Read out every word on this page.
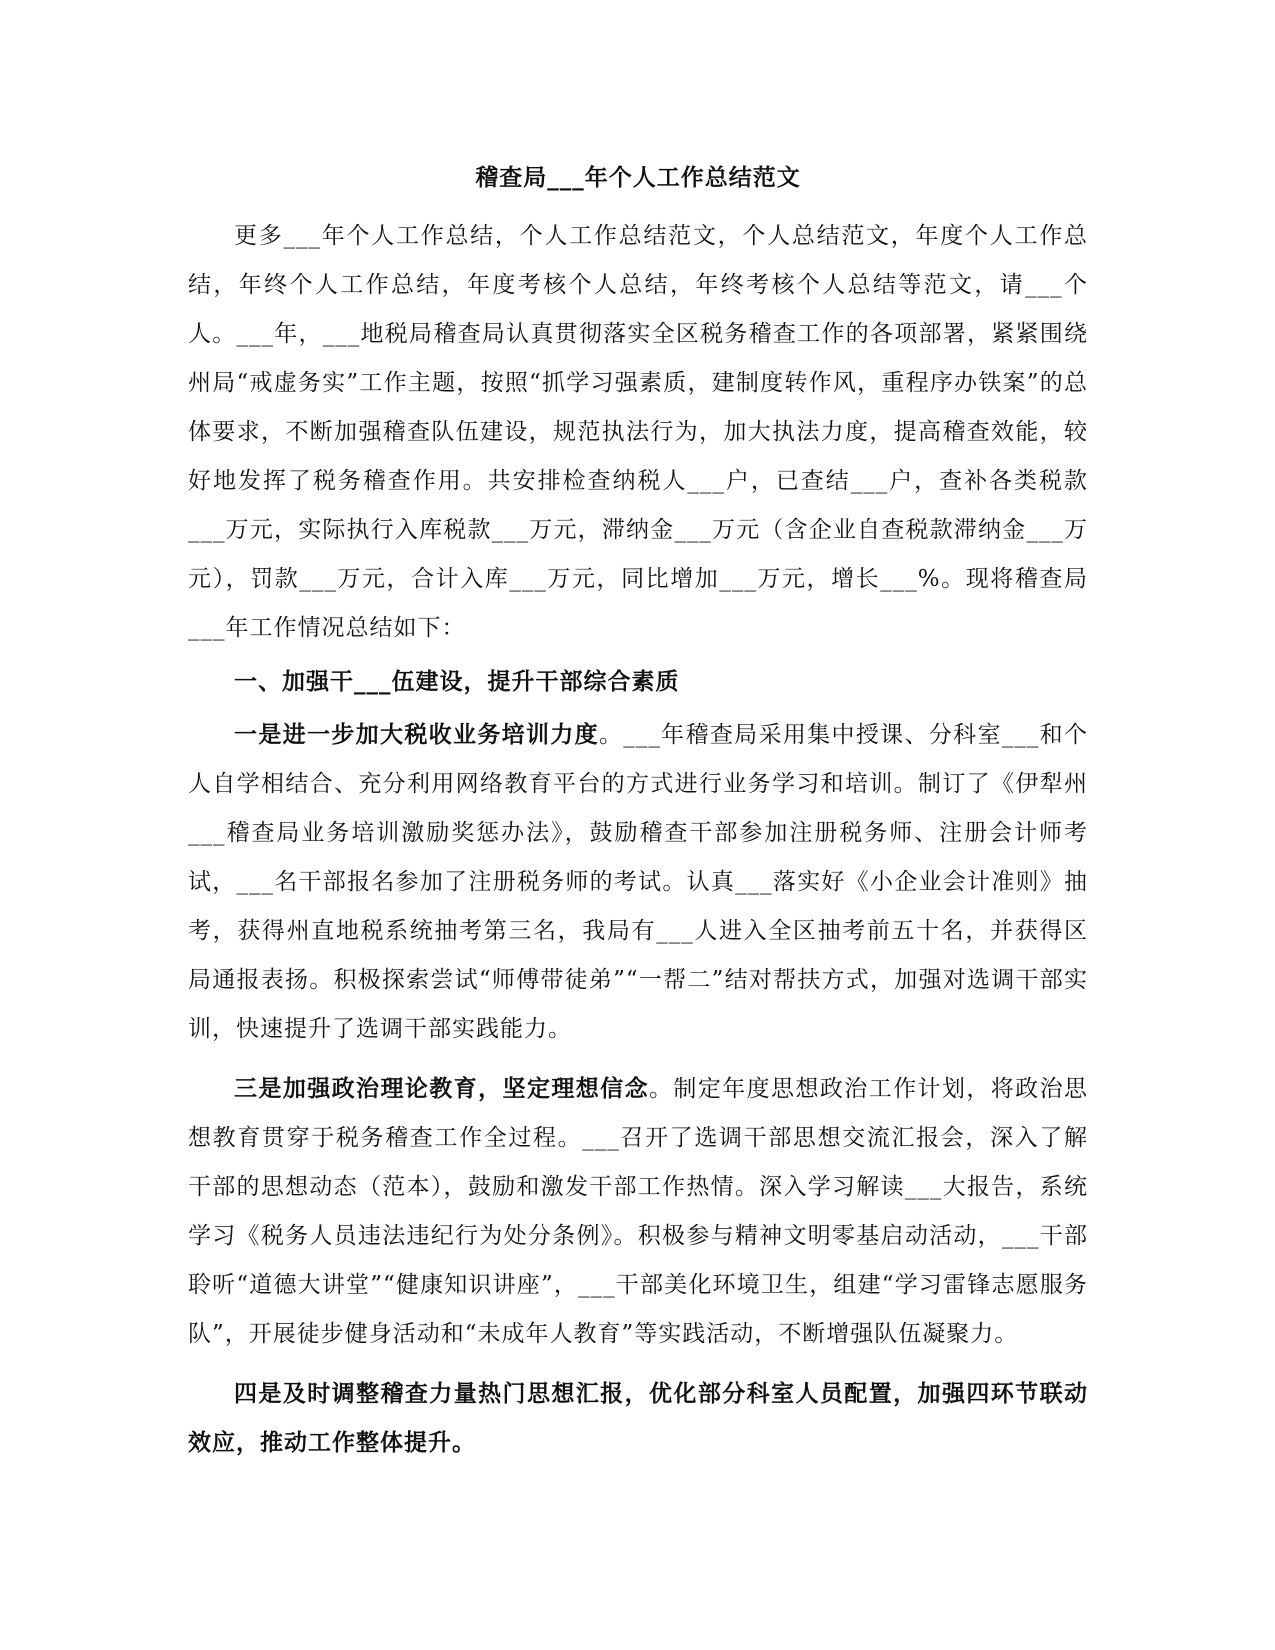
稽查局___年个人工作总结范文

更多___年个人工作总结，个人工作总结范文，个人总结范文，年度个人工作总结，年终个人工作总结，年度考核个人总结，年终考核个人总结等范文，请___个人。___年，___地税局稽查局认真贯彻落实全区税务稽查工作的各项部署，紧紧围绕州局“戒虚务实”工作主题，按照“抓学习强素质，建制度转作风，重程序办铁案”的总体要求，不断加强稽查队伍建设，规范执法行为，加大执法力度，提高稽查效能，较好地发挥了税务稽查作用。共安排检查纳税人___户，已查结___户，查补各类税款___万元，实际执行入库税款___万元，滞纳金___万元（含企业自查税款滞纳金___万元），罚款___万元，合计入库___万元，同比增加___万元，增长___%。现将稽查局___年工作情况总结如下：

一、加强干___伍建设，提升干部综合素质

一是进一步加大税收业务培训力度。___年稽查局采用集中授课、分科室___和个人自学相结合、充分利用网络教育平台的方式进行业务学习和培训。制订了《伊犁州___稽查局业务培训激励奖惩办法》，鼓励稽查干部参加注册税务师、注册会计师考试，___名干部报名参加了注册税务师的考试。认真___落实好《小企业会计准则》抽考，获得州直地税系统抽考第三名，我局有___人进入全区抽考前五十名，并获得区局通报表扬。积极探索尝试“师傅带徒弟”“一帮二”结对帮扶方式，加强对选调干部实训，快速提升了选调干部实践能力。

三是加强政治理论教育，坚定理想信念。制定年度思想政治工作计划，将政治思想教育贯穿于税务稽查工作全过程。___召开了选调干部思想交流汇报会，深入了解干部的思想动态（范本），鼓励和激发干部工作热情。深入学习解读___大报告，系统学习《税务人员违法违纪行为处分条例》。积极参与精神文明零基启动活动，___干部聆听“道德大讲堂”“健康知识讲座”，___干部美化环境卫生，组建“学习雷锋志愿服务队”，开展徒步健身活动和“未成年人教育”等实践活动，不断增强队伍凝聚力。

四是及时调整稽查力量热门思想汇报，优化部分科室人员配置，加强四环节联动效应，推动工作整体提升。
